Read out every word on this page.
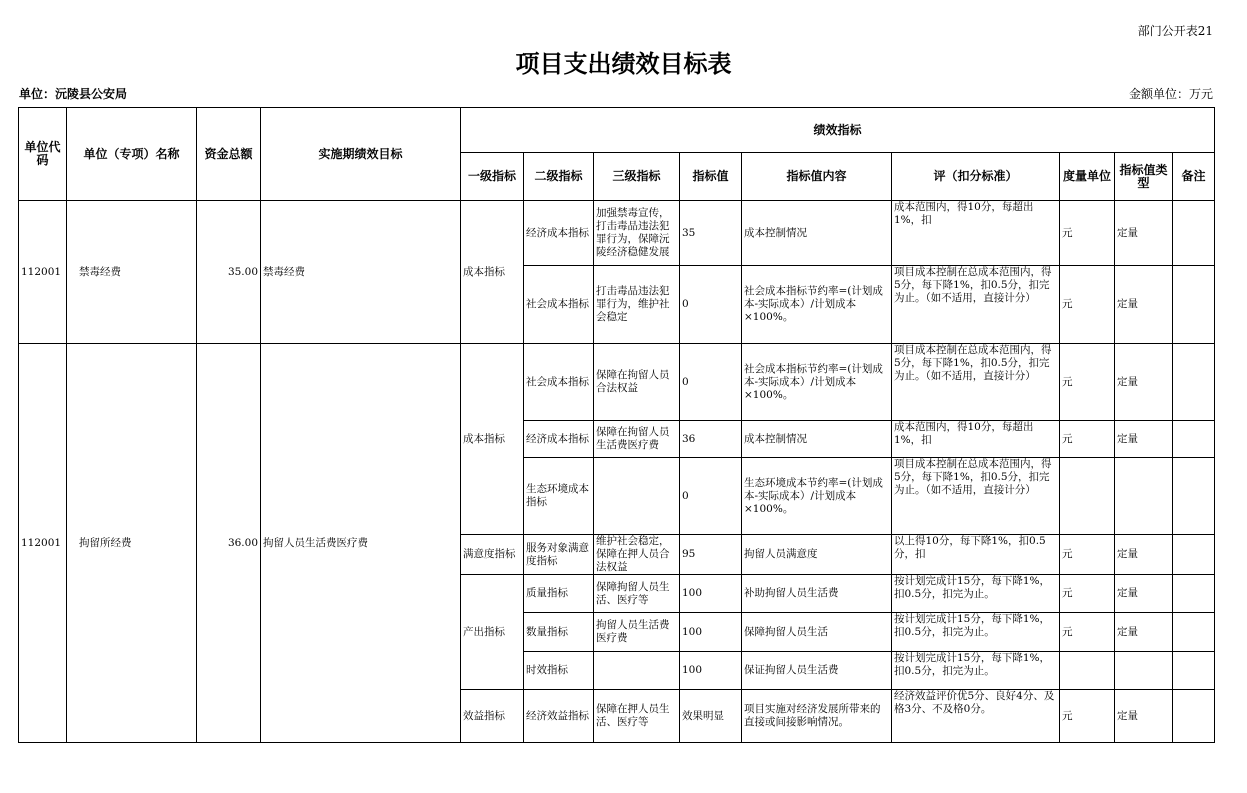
部门公开表21
项目支出绩效目标表
单位：沅陵县公安局	金额单位：万元
单位代码	单位（专项）名称	资金总额	实施期绩效目标	绩效指标								
				一级指标	二级指标	三级指标	指标值	指标值内容	评（扣分标准）	度量单位	指标值类型	备注

112001	禁毒经费	35.00	禁毒经费	成本指标	经济成本指标	加强禁毒宣传，打击毒品违法犯罪行为，保障沅陵经济稳健发展	35	成本控制情况	成本范围内，得10分，每超出1%，扣	元	定量	

					社会成本指标	打击毒品违法犯罪行为，维护社会稳定	0	社会成本指标节约率=(计划成本-实际成本）/计划成本×100%。	项目成本控制在总成本范围内，得5分，每下降1%，扣0.5分，扣完为止。（如不适用，直接计分）	元	定量	

112001	拘留所经费	36.00	拘留人员生活费医疗费	成本指标	社会成本指标	保障在拘留人员合法权益	0	社会成本指标节约率=(计划成本-实际成本）/计划成本×100%。	项目成本控制在总成本范围内，得5分，每下降1%，扣0.5分，扣完为止。（如不适用，直接计分）	元	定量	

					经济成本指标	保障在拘留人员生活费医疗费	36	成本控制情况	成本范围内，得10分，每超出1%，扣	元	定量	

					生态环境成本指标		0	生态环境成本节约率=(计划成本-实际成本）/计划成本×100%。	项目成本控制在总成本范围内，得5分，每下降1%，扣0.5分，扣完为止。（如不适用，直接计分）			

				满意度指标	服务对象满意度指标	维护社会稳定，保障在押人员合法权益	95	拘留人员满意度	以上得10分，每下降1%，扣0.5分，扣	元	定量	

				产出指标	质量指标	保障拘留人员生活、医疗等	100	补助拘留人员生活费	按计划完成计15分，每下降1%，扣0.5分，扣完为止。	元	定量	

					数量指标	拘留人员生活费医疗费	100	保障拘留人员生活	按计划完成计15分，每下降1%，扣0.5分，扣完为止。	元	定量	

					时效指标		100	保证拘留人员生活费	按计划完成计15分，每下降1%，扣0.5分，扣完为止。			

				效益指标	经济效益指标	保障在押人员生活、医疗等	效果明显	项目实施对经济发展所带来的直接或间接影响情况。	经济效益评价优5分、良好4分、及格3分、不及格0分。	元	定量	
